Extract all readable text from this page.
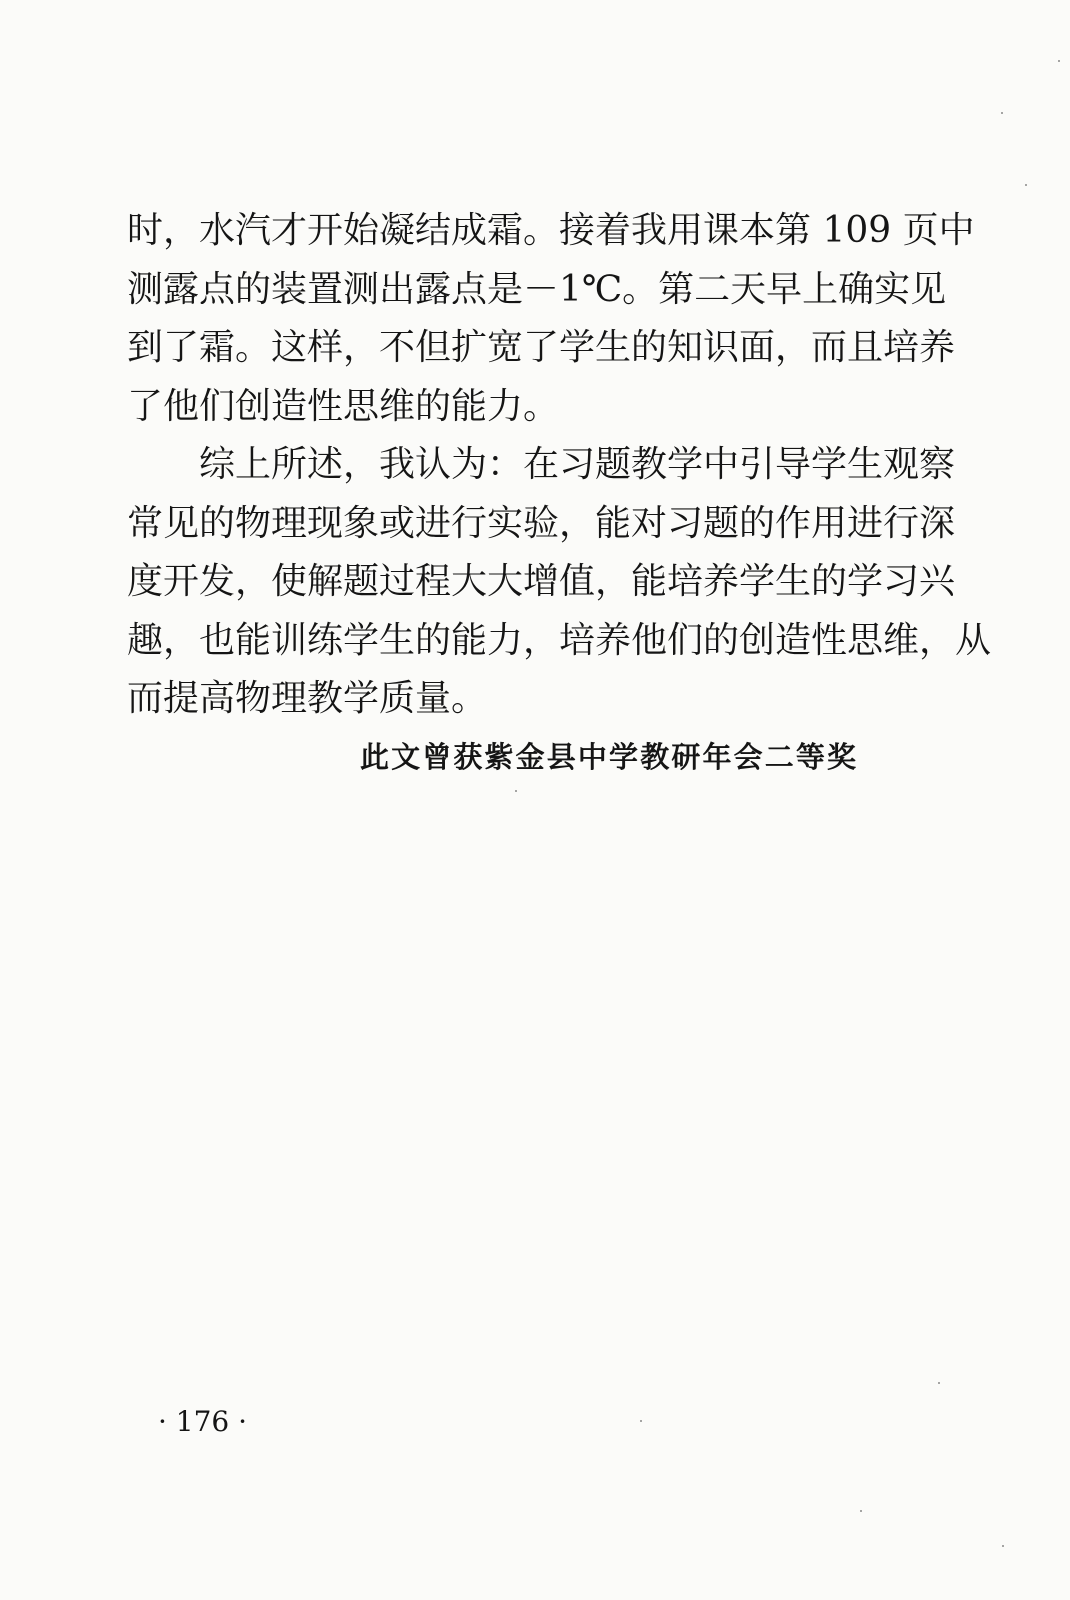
时，水汽才开始凝结成霜。接着我用课本第 109 页中
测露点的装置测出露点是－1℃。第二天早上确实见
到了霜。这样，不但扩宽了学生的知识面，而且培养
了他们创造性思维的能力。
综上所述，我认为：在习题教学中引导学生观察
常见的物理现象或进行实验，能对习题的作用进行深
度开发，使解题过程大大增值，能培养学生的学习兴
趣，也能训练学生的能力，培养他们的创造性思维，从
而提高物理教学质量。
此文曾获紫金县中学教研年会二等奖
· 176 ·
